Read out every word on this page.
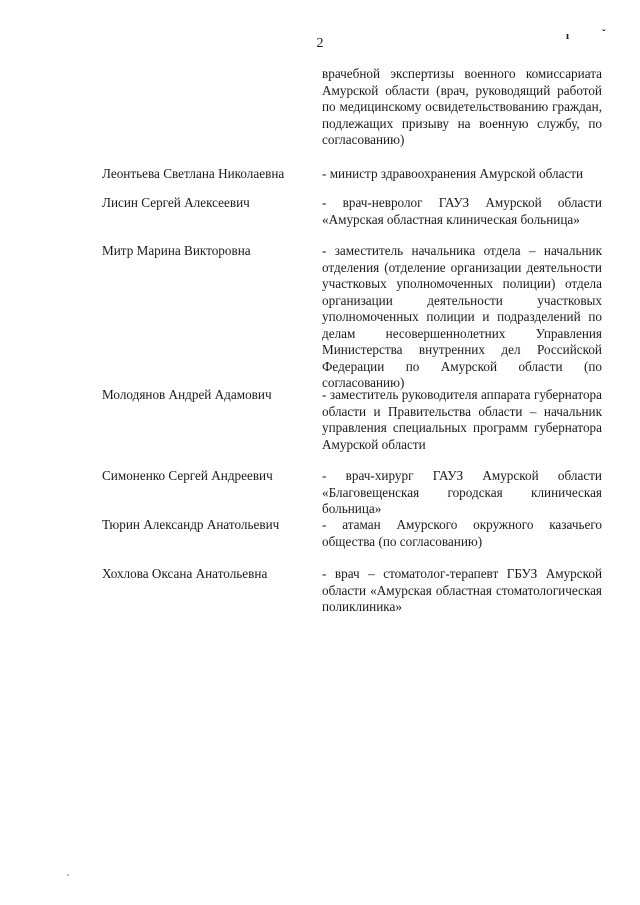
2	ı	ˇ
врачебной экспертизы военного комиссариата Амурской области (врач, руководящий работой по медицинскому освидетельствованию граждан, подлежащих призыву на военную службу, по согласованию)
Леонтьева Светлана Николаевна	- министр здравоохранения Амурской области
Лисин Сергей Алексеевич	- врач-невролог ГАУЗ Амурской области «Амурская областная клиническая больница»
Митр Марина Викторовна	- заместитель начальника отдела – начальник отделения (отделение организации деятельности участковых уполномоченных полиции) отдела организации деятельности участковых уполномоченных полиции и подразделений по делам несовершеннолетних Управления Министерства внутренних дел Российской Федерации по Амурской области (по согласованию)
Молодянов Андрей Адамович	- заместитель руководителя аппарата губернатора области и Правительства области – начальник управления специальных программ губернатора Амурской области
Симоненко Сергей Андреевич	- врач-хирург ГАУЗ Амурской области «Благовещенская городская клиническая больница»
Тюрин Александр Анатольевич	- атаман Амурского окружного казачьего общества (по согласованию)
Хохлова Оксана Анатольевна	- врач – стоматолог-терапевт ГБУЗ Амурской области «Амурская областная стоматологическая поликлиника»
